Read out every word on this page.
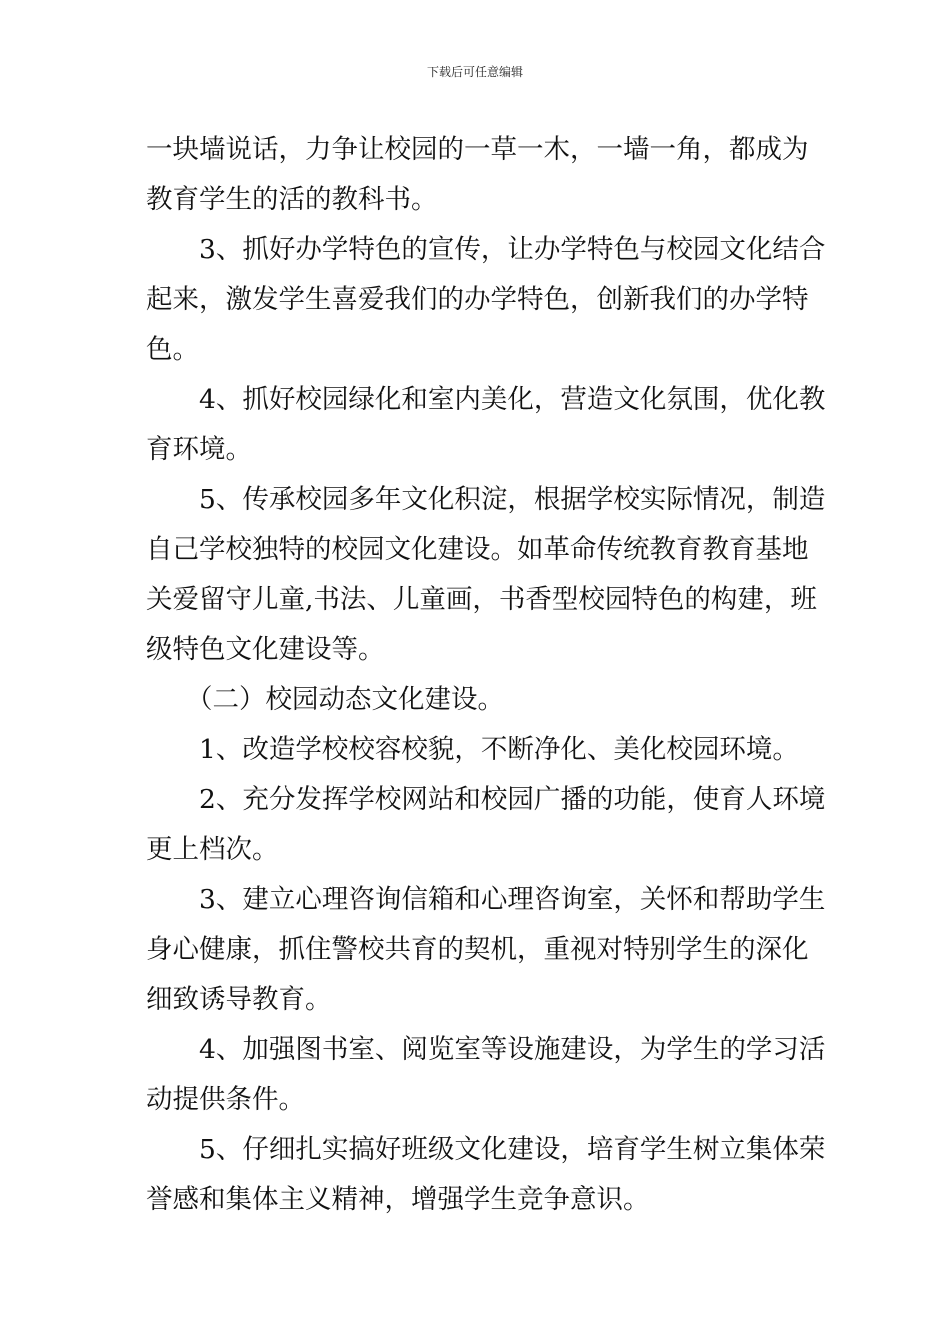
下载后可任意编辑
一块墙说话，力争让校园的一草一木，一墙一角，都成为
教育学生的活的教科书。
3、抓好办学特色的宣传，让办学特色与校园文化结合
起来，激发学生喜爱我们的办学特色，创新我们的办学特
色。
4、抓好校园绿化和室内美化，营造文化氛围，优化教
育环境。
5、传承校园多年文化积淀，根据学校实际情况，制造
自己学校独特的校园文化建设。如革命传统教育教育基地
关爱留守儿童,书法、儿童画，书香型校园特色的构建，班
级特色文化建设等。
（二）校园动态文化建设。
1、改造学校校容校貌，不断净化、美化校园环境。
2、充分发挥学校网站和校园广播的功能，使育人环境
更上档次。
3、建立心理咨询信箱和心理咨询室，关怀和帮助学生
身心健康，抓住警校共育的契机，重视对特别学生的深化
细致诱导教育。
4、加强图书室、阅览室等设施建设，为学生的学习活
动提供条件。
5、仔细扎实搞好班级文化建设，培育学生树立集体荣
誉感和集体主义精神，增强学生竞争意识。
